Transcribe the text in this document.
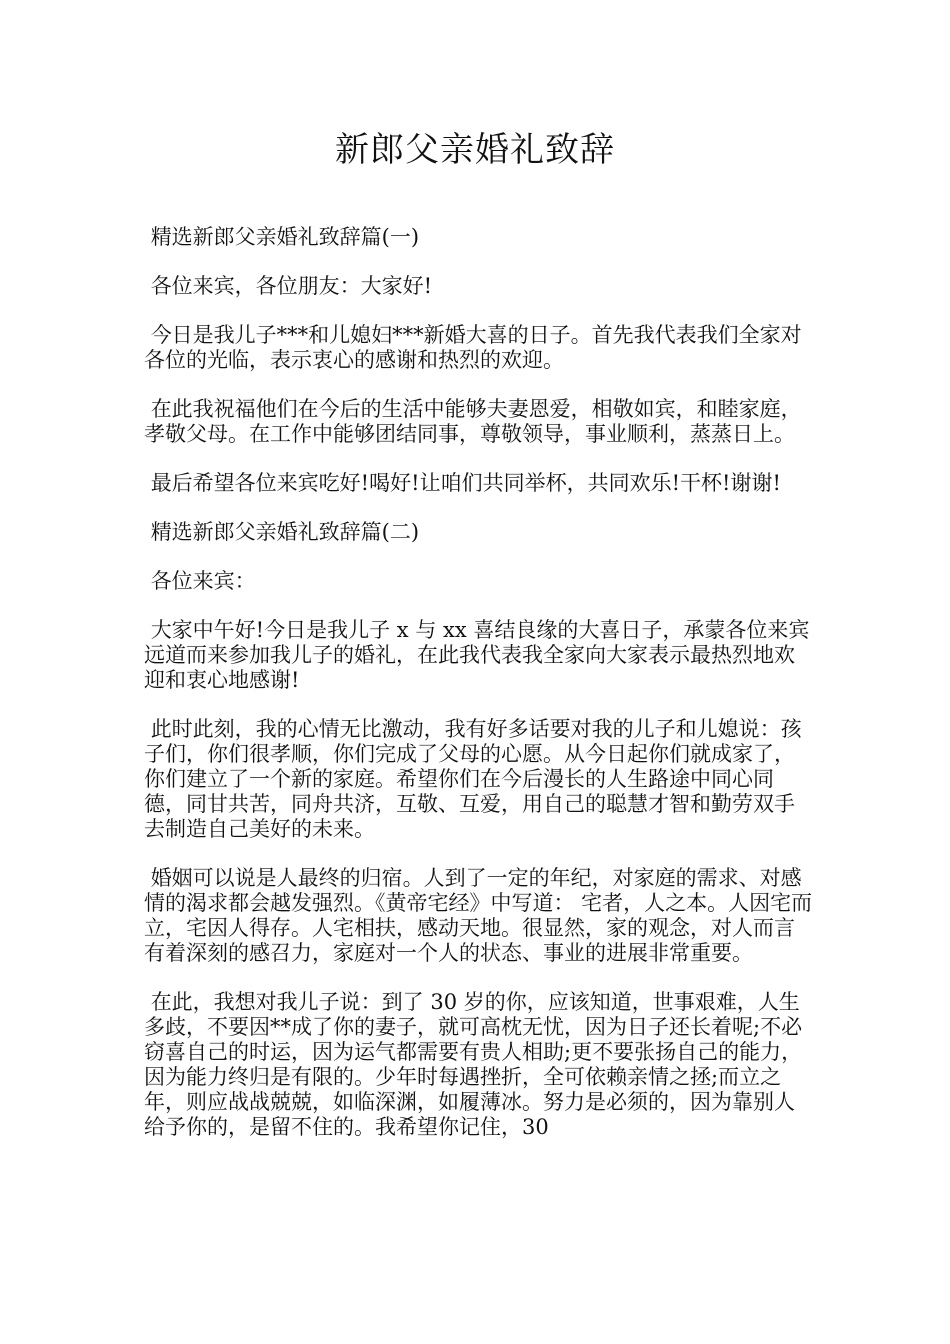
新郎父亲婚礼致辞

精选新郎父亲婚礼致辞篇(一)

各位来宾，各位朋友：大家好!

今日是我儿子***和儿媳妇***新婚大喜的日子。首先我代表我们全家对各位的光临，表示衷心的感谢和热烈的欢迎。

在此我祝福他们在今后的生活中能够夫妻恩爱，相敬如宾，和睦家庭，孝敬父母。在工作中能够团结同事，尊敬领导，事业顺利，蒸蒸日上。

最后希望各位来宾吃好!喝好!让咱们共同举杯，共同欢乐!干杯!谢谢!

精选新郎父亲婚礼致辞篇(二)

各位来宾：

大家中午好!今日是我儿子 x 与 xx 喜结良缘的大喜日子，承蒙各位来宾远道而来参加我儿子的婚礼，在此我代表我全家向大家表示最热烈地欢迎和衷心地感谢!

此时此刻，我的心情无比激动，我有好多话要对我的儿子和儿媳说：孩子们，你们很孝顺，你们完成了父母的心愿。从今日起你们就成家了，你们建立了一个新的家庭。希望你们在今后漫长的人生路途中同心同德，同甘共苦，同舟共济，互敬、互爱，用自己的聪慧才智和勤劳双手去制造自己美好的未来。

婚姻可以说是人最终的归宿。人到了一定的年纪，对家庭的需求、对感情的渴求都会越发强烈。《黄帝宅经》中写道： 宅者，人之本。人因宅而立，宅因人得存。人宅相扶，感动天地。很显然，家的观念，对人而言有着深刻的感召力，家庭对一个人的状态、事业的进展非常重要。

在此，我想对我儿子说：到了 30 岁的你，应该知道，世事艰难，人生多歧，不要因**成了你的妻子，就可高枕无忧，因为日子还长着呢;不必窃喜自己的时运，因为运气都需要有贵人相助;更不要张扬自己的能力，因为能力终归是有限的。少年时每遇挫折，全可依赖亲情之拯;而立之年，则应战战兢兢，如临深渊，如履薄冰。努力是必须的，因为靠别人给予你的，是留不住的。我希望你记住，30
